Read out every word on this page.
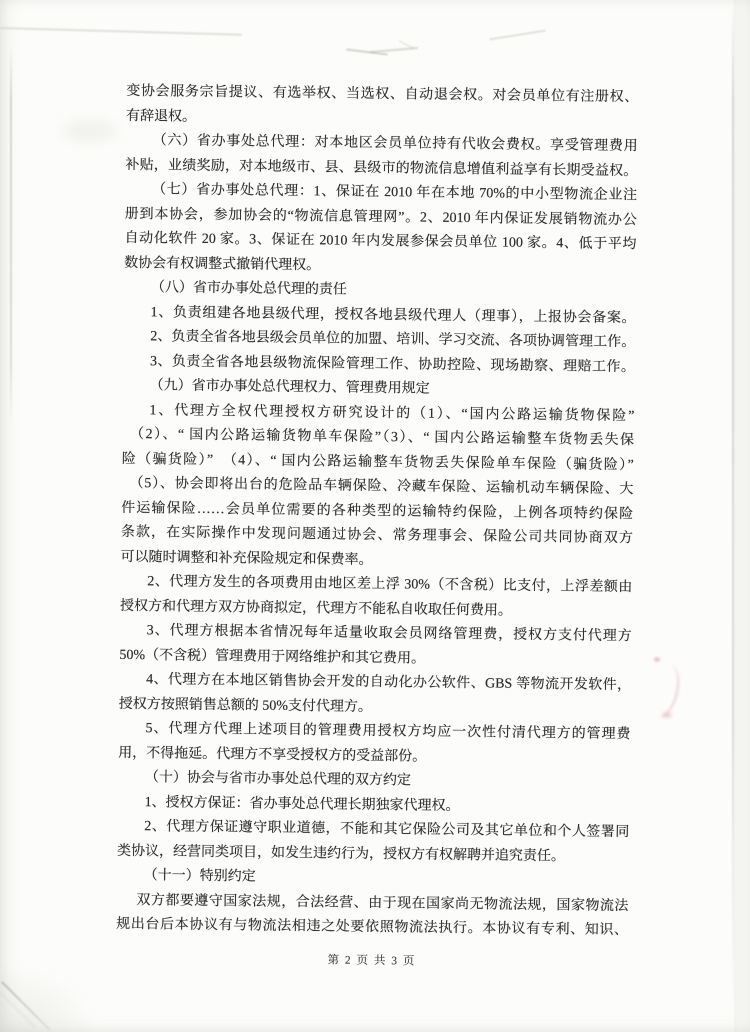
变协会服务宗旨提议、有选举权、当选权、自动退会权。对会员单位有注册权、
有辞退权。
（六）省办事处总代理：对本地区会员单位持有代收会费权。享受管理费用
补贴，业绩奖励，对本地级市、县、县级市的物流信息增值利益享有长期受益权。
（七）省办事处总代理：1、保证在 2010 年在本地 70%的中小型物流企业注
册到本协会，参加协会的“物流信息管理网”。2、2010 年内保证发展销物流办公
自动化软件 20 家。3、保证在 2010 年内发展参保会员单位 100 家。4、低于平均
数协会有权调整式撤销代理权。
（八）省市办事处总代理的责任
1、负责组建各地县级代理，授权各地县级代理人（理事），上报协会备案。
2、负责全省各地县级会员单位的加盟、培训、学习交流、各项协调管理工作。
3、负责全省各地县级物流保险管理工作、协助控险、现场勘察、理赔工作。
（九）省市办事处总代理权力、管理费用规定
1、代理方全权代理授权方研究设计的（1）、“国内公路运输货物保险”
（2）、“ 国内公路运输货物单车保险”（3）、“ 国内公路运输整车货物丢失保
险（骗货险）”　（4）、“ 国内公路运输整车货物丢失保险单车保险（骗货险）”
（5）、协会即将出台的危险品车辆保险、冷藏车保险、运输机动车辆保险、大
件运输保险……会员单位需要的各种类型的运输特约保险，上例各项特约保险
条款，在实际操作中发现问题通过协会、常务理事会、保险公司共同协商双方
可以随时调整和补充保险规定和保费率。
2、代理方发生的各项费用由地区差上浮 30%（不含税）比支付，上浮差额由
授权方和代理方双方协商拟定，代理方不能私自收取任何费用。
3、代理方根据本省情况每年适量收取会员网络管理费，授权方支付代理方
50%（不含税）管理费用于网络维护和其它费用。
4、代理方在本地区销售协会开发的自动化办公软件、GBS 等物流开发软件，
授权方按照销售总额的 50%支付代理方。
5、代理方代理上述项目的管理费用授权方均应一次性付清代理方的管理费
用，不得拖延。代理方不享受授权方的受益部份。
（十）协会与省市办事处总代理的双方约定
1、授权方保证：省办事处总代理长期独家代理权。
2、代理方保证遵守职业道德，不能和其它保险公司及其它单位和个人签署同
类协议，经营同类项目，如发生违约行为，授权方有权解聘并追究责任。
（十一）特别约定
双方都要遵守国家法规，合法经营、由于现在国家尚无物流法规，国家物流法
规出台后本协议有与物流法相违之处要依照物流法执行。本协议有专利、知识、
第 2 页 共 3 页
